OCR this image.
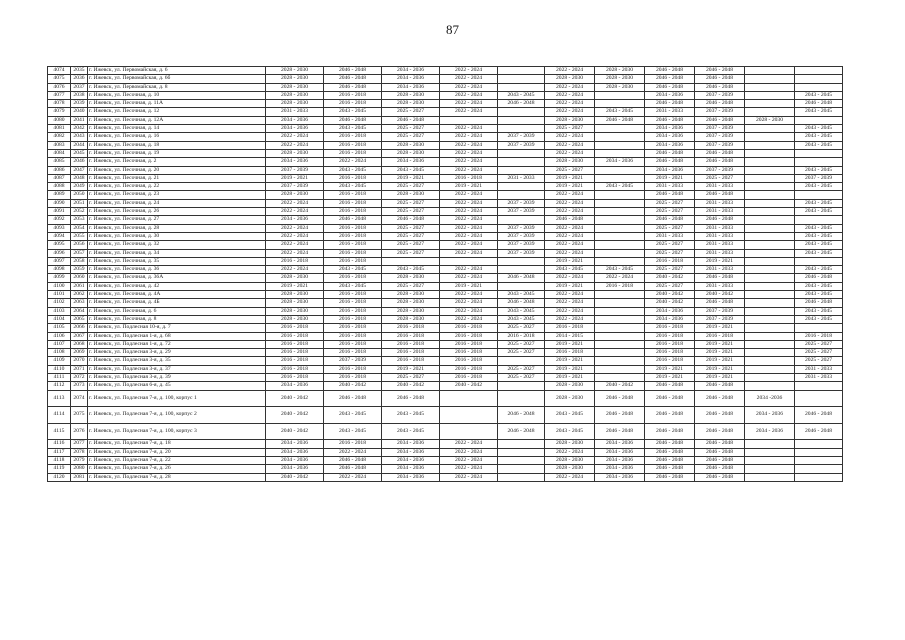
87
4074	2035	г. Ижевск, ул. Первомайская, д. 6	2028 - 2030	2046 - 2048	2034 - 2036	2022 - 2024		2022 - 2024	2028 - 2030	2046 - 2048	2046 - 2048		
4075	2036	г. Ижевск, ул. Первомайская, д. 6б	2028 - 2030	2046 - 2048	2034 - 2036	2022 - 2024		2028 - 2030	2028 - 2030	2046 - 2048	2046 - 2048		
4076	2037	г. Ижевск, ул. Первомайская, д. 8	2028 - 2030	2046 - 2048	2034 - 2036	2022 - 2024		2022 - 2024	2028 - 2030	2046 - 2048	2046 - 2048		
4077	2038	г. Ижевск, ул. Песочная, д. 10	2028 - 2030	2016 - 2018	2028 - 2030	2022 - 2024	2043 - 2045	2022 - 2024		2034 - 2036	2037 - 2039		2043 - 2045
4078	2039	г. Ижевск, ул. Песочная, д. 11А	2028 - 2030	2016 - 2018	2028 - 2030	2022 - 2024	2046 - 2048	2022 - 2024		2046 - 2048	2046 - 2048		2046 - 2048
4079	2040	г. Ижевск, ул. Песочная, д. 12	2031 - 2033	2043 - 2045	2025 - 2027	2022 - 2024		2022 - 2024	2043 - 2045	2031 - 2033	2037 - 2039		2043 - 2045
4080	2041	г. Ижевск, ул. Песочная, д. 12А	2034 - 2036	2046 - 2048	2046 - 2048			2028 - 2030	2046 - 2048	2046 - 2048	2046 - 2048	2028 - 2030	
4081	2042	г. Ижевск, ул. Песочная, д. 14	2034 - 2036	2043 - 2045	2025 - 2027	2022 - 2024		2025 - 2027		2034 - 2036	2037 - 2039		2043 - 2045
4082	2043	г. Ижевск, ул. Песочная, д. 16	2022 - 2024	2016 - 2018	2025 - 2027	2022 - 2024	2037 - 2039	2022 - 2024		2034 - 2036	2037 - 2039		2043 - 2045
4083	2044	г. Ижевск, ул. Песочная, д. 18	2022 - 2024	2016 - 2018	2028 - 2030	2022 - 2024	2037 - 2039	2022 - 2024		2034 - 2036	2037 - 2039		2043 - 2045
4084	2045	г. Ижевск, ул. Песочная, д. 19	2028 - 2030	2016 - 2018	2028 - 2030	2022 - 2024		2022 - 2024		2046 - 2048	2046 - 2048		
4085	2046	г. Ижевск, ул. Песочная, д. 2	2034 - 2036	2022 - 2024	2034 - 2036	2022 - 2024		2028 - 2030	2034 - 2036	2046 - 2048	2046 - 2048		
4086	2047	г. Ижевск, ул. Песочная, д. 20	2037 - 2039	2043 - 2045	2043 - 2045	2022 - 2024		2025 - 2027		2034 - 2036	2037 - 2039		2043 - 2045
4087	2048	г. Ижевск, ул. Песочная, д. 21	2019 - 2021	2016 - 2018	2019 - 2021	2016 - 2018	2031 - 2033	2019 - 2021		2019 - 2021	2025 - 2027		2037 - 2039
4088	2049	г. Ижевск, ул. Песочная, д. 22	2037 - 2039	2043 - 2045	2025 - 2027	2019 - 2021		2019 - 2021	2043 - 2045	2031 - 2033	2031 - 2033		2043 - 2045
4089	2050	г. Ижевск, ул. Песочная, д. 23	2028 - 2030	2016 - 2018	2028 - 2030	2022 - 2024		2022 - 2024		2046 - 2048	2046 - 2048		
4090	2051	г. Ижевск, ул. Песочная, д. 24	2022 - 2024	2016 - 2018	2025 - 2027	2022 - 2024	2037 - 2039	2022 - 2024		2025 - 2027	2031 - 2033		2043 - 2045
4091	2052	г. Ижевск, ул. Песочная, д. 26	2022 - 2024	2016 - 2018	2025 - 2027	2022 - 2024	2037 - 2039	2022 - 2024		2025 - 2027	2031 - 2033		2043 - 2045
4092	2053	г. Ижевск, ул. Песочная, д. 27	2034 - 2036	2046 - 2048	2046 - 2048	2022 - 2024		2046 - 2048		2046 - 2048	2046 - 2048		
4093	2054	г. Ижевск, ул. Песочная, д. 28	2022 - 2024	2016 - 2018	2025 - 2027	2022 - 2024	2037 - 2039	2022 - 2024		2025 - 2027	2031 - 2033		2043 - 2045
4094	2055	г. Ижевск, ул. Песочная, д. 30	2022 - 2024	2016 - 2018	2025 - 2027	2022 - 2024	2037 - 2039	2022 - 2024		2031 - 2033	2031 - 2033		2043 - 2045
4095	2056	г. Ижевск, ул. Песочная, д. 32	2022 - 2024	2016 - 2018	2025 - 2027	2022 - 2024	2037 - 2039	2022 - 2024		2025 - 2027	2031 - 2033		2043 - 2045
4096	2057	г. Ижевск, ул. Песочная, д. 34	2022 - 2024	2016 - 2018	2025 - 2027	2022 - 2024	2037 - 2039	2022 - 2024		2025 - 2027	2031 - 2033		2043 - 2045
4097	2058	г. Ижевск, ул. Песочная, д. 35	2016 - 2018	2016 - 2018				2019 - 2021		2016 - 2018	2019 - 2021		
4098	2059	г. Ижевск, ул. Песочная, д. 36	2022 - 2024	2043 - 2045	2043 - 2045	2022 - 2024		2043 - 2045	2043 - 2045	2025 - 2027	2031 - 2033		2043 - 2045
4099	2060	г. Ижевск, ул. Песочная, д. 36А	2028 - 2030	2016 - 2018	2028 - 2030	2022 - 2024	2046 - 2048	2022 - 2024	2022 - 2024	2040 - 2042	2046 - 2048		2046 - 2048
4100	2061	г. Ижевск, ул. Песочная, д. 42	2019 - 2021	2043 - 2045	2025 - 2027	2019 - 2021		2019 - 2021	2016 - 2018	2025 - 2027	2031 - 2033		2043 - 2045
4101	2062	г. Ижевск, ул. Песочная, д. 4А	2028 - 2030	2016 - 2018	2028 - 2030	2022 - 2024	2043 - 2045	2022 - 2024		2040 - 2042	2040 - 2042		2043 - 2045
4102	2063	г. Ижевск, ул. Песочная, д. 4Б	2028 - 2030	2016 - 2018	2028 - 2030	2022 - 2024	2046 - 2048	2022 - 2024		2040 - 2042	2046 - 2048		2046 - 2048
4103	2064	г. Ижевск, ул. Песочная, д. 6	2028 - 2030	2016 - 2018	2028 - 2030	2022 - 2024	2043 - 2045	2022 - 2024		2034 - 2036	2037 - 2039		2043 - 2045
4104	2065	г. Ижевск, ул. Песочная, д. 8	2028 - 2030	2016 - 2018	2028 - 2030	2022 - 2024	2043 - 2045	2022 - 2024		2034 - 2036	2037 - 2039		2043 - 2045
4105	2066	г. Ижевск, ул. Подлесная 10-я, д. 7	2016 - 2018	2016 - 2018	2016 - 2018	2016 - 2018	2025 - 2027	2016 - 2018		2016 - 2018	2019 - 2021		
4106	2067	г. Ижевск, ул. Подлесная 1-я, д. 68	2016 - 2018	2016 - 2018	2016 - 2018	2016 - 2018	2016 - 2018	2014 - 2015		2016 - 2018	2016 - 2018		2016 - 2018
4107	2068	г. Ижевск, ул. Подлесная 1-я, д. 72	2016 - 2018	2016 - 2018	2016 - 2018	2016 - 2018	2025 - 2027	2019 - 2021		2016 - 2018	2019 - 2021		2025 - 2027
4108	2069	г. Ижевск, ул. Подлесная 3-я, д. 29	2016 - 2018	2016 - 2018	2016 - 2018	2016 - 2018	2025 - 2027	2016 - 2018		2016 - 2018	2019 - 2021		2025 - 2027
4109	2070	г. Ижевск, ул. Подлесная 3-я, д. 35	2016 - 2018	2037 - 2039	2016 - 2018	2016 - 2018		2019 - 2021		2016 - 2018	2019 - 2021		2025 - 2027
4110	2071	г. Ижевск, ул. Подлесная 3-я, д. 37	2016 - 2018	2016 - 2018	2019 - 2021	2016 - 2018	2025 - 2027	2019 - 2021		2019 - 2021	2019 - 2021		2031 - 2033
4111	2072	г. Ижевск, ул. Подлесная 3-я, д. 39	2016 - 2018	2016 - 2018	2025 - 2027	2016 - 2018	2025 - 2027	2019 - 2021		2019 - 2021	2019 - 2021		2031 - 2033
4112	2073	г. Ижевск, ул. Подлесная 6-я, д. 45	2034 - 2036	2040 - 2042	2040 - 2042	2040 - 2042		2028 - 2030	2040 - 2042	2046 - 2048	2046 - 2048		
4113	2074	г. Ижевск, ул. Подлесная 7-я, д. 100, корпус 1	2040 - 2042	2046 - 2048	2046 - 2048			2028 - 2030	2046 - 2048	2046 - 2048	2046 - 2048	2034 -2036	
4114	2075	г. Ижевск, ул. Подлесная 7-я, д. 100, корпус 2	2040 - 2042	2043 - 2045	2043 - 2045		2046 - 2048	2043 - 2045	2046 - 2048	2046 - 2048	2046 - 2048	2034 - 2036	2046 - 2048
4115	2076	г. Ижевск, ул. Подлесная 7-я, д. 100, корпус 3	2040 - 2042	2043 - 2045	2043 - 2045		2046 - 2048	2043 - 2045	2046 - 2048	2046 - 2048	2046 - 2048	2034 - 2036	2046 - 2048
4116	2077	г. Ижевск, ул. Подлесная 7-я, д. 18	2034 - 2036	2016 - 2018	2034 - 2036	2022 - 2024		2028 - 2030	2034 - 2036	2046 - 2048	2046 - 2048		
4117	2078	г. Ижевск, ул. Подлесная 7-я, д. 20	2034 - 2036	2022 - 2024	2034 - 2036	2022 - 2024		2022 - 2024	2034 - 2036	2046 - 2048	2046 - 2048		
4118	2079	г. Ижевск, ул. Подлесная 7-я, д. 22	2034 - 2036	2046 - 2048	2034 - 2036	2022 - 2024		2028 - 2030	2034 - 2036	2046 - 2048	2046 - 2048		
4119	2080	г. Ижевск, ул. Подлесная 7-я, д. 26	2034 - 2036	2046 - 2048	2034 - 2036	2022 - 2024		2028 - 2030	2034 - 2036	2046 - 2048	2046 - 2048		
4120	2081	г. Ижевск, ул. Подлесная 7-я, д. 28	2040 - 2042	2022 - 2024	2034 - 2036	2022 - 2024		2022 - 2024	2034 - 2036	2046 - 2048	2046 - 2048		
